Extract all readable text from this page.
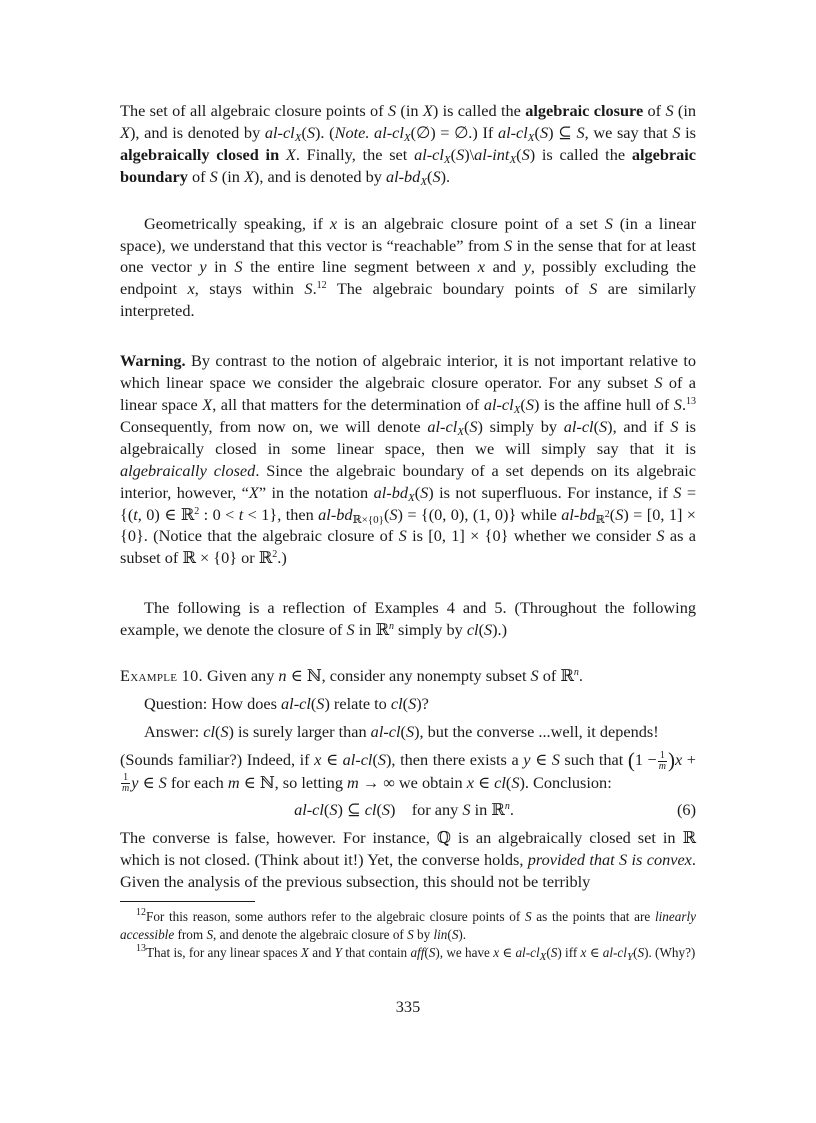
The set of all algebraic closure points of S (in X) is called the algebraic closure of S (in X), and is denoted by $al-cl_X(S)$. (Note. $al-cl_X(\emptyset)$ = ∅.) If $al-cl_X(S)$ ⊆ S, we say that S is algebraically closed in X. Finally, the set $al-cl_X(S)\backslash al-int_X(S)$ is called the algebraic boundary of S (in X), and is denoted by $al-bd_X(S)$.

Geometrically speaking, if x is an algebraic closure point of a set S (in a linear space), we understand that this vector is “reachable” from S in the sense that for at least one vector y in S the entire line segment between x and y, possibly excluding the endpoint x, stays within S.$^{12}$ The algebraic boundary points of S are similarly interpreted.

Warning. By contrast to the notion of algebraic interior, it is not important relative to which linear space we consider the algebraic closure operator. For any subset S of a linear space X, all that matters for the determination of $al-cl_X(S)$ is the affine hull of S.$^{13}$ Consequently, from now on, we will denote $al-cl_X(S)$ simply by al-cl(S), and if S is algebraically closed in some linear space, then we will simply say that it is algebraically closed. Since the algebraic boundary of a set depends on its algebraic interior, however, “X” in the notation $al-bd_X(S)$ is not superfluous. For instance, if S = {(t, 0) ∈ ℝ$^2$ : 0 < t < 1}, then $al-bd_{ℝ\times\{0\}}(S) = \{(0$, 0), (1, 0)} while $al-bd_{ℝ^2}(S) = [0$, 1] × {0}. (Notice that the algebraic closure of S is [0, 1] × {0} whether we consider S as a subset of ℝ × {0} or ℝ$^2$.)

The following is a reflection of Examples 4 and 5. (Throughout the following example, we denote the closure of S in ℝ$^n$ simply by cl(S).)

Example 10. Given any n ∈ ℕ, consider any nonempty subset S of ℝ$^n$.

Question: How does al-cl(S) relate to cl(S)?

Answer: cl(S) is surely larger than al-cl(S), but the converse ...well, it depends!

(Sounds familiar?) Indeed, if x ∈ al-cl(S), then there exists a y ∈ S such that $(1 - \frac{1}{m} )x$ +
$\frac{1}{m}$ y ∈ S for each m ∈ ℕ, so letting m → ∞ we obtain x ∈ cl(S). Conclusion:

al-cl(S) ⊆ cl(S) for any S in ℝ$^n$.	(6)

The converse is false, however. For instance, ℚ is an algebraically closed set in ℝ which is not closed. (Think about it!) Yet, the converse holds, provided that S is convex. Given the analysis of the previous subsection, this should not be terribly

$^{12}$For this reason, some authors refer to the algebraic closure points of S as the points that are linearly accessible from S, and denote the algebraic closure of S by lin(S).

$^{13}$That is, for any linear spaces X and Y that contain aff(S), we have x ∈ $al-cl_X(S)$ iff x ∈ $al-cl_Y(S)$. (Why?)

335
